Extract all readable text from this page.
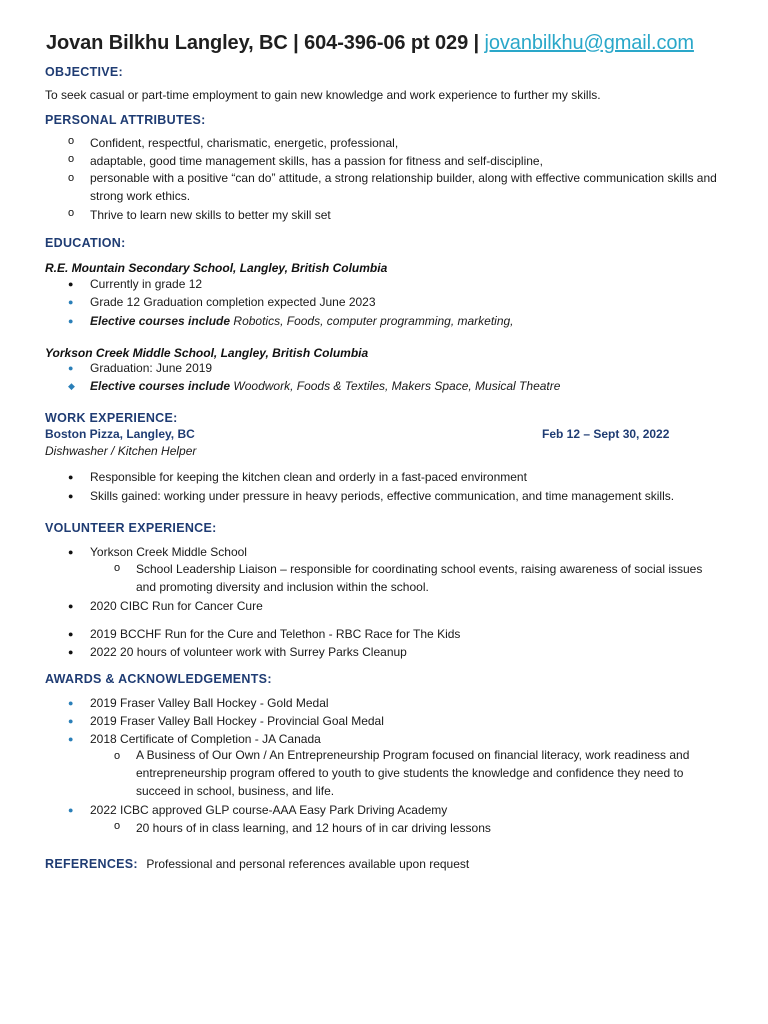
Jovan Bilkhu Langley, BC | 604-396-06 pt 029 | jovanbilkhu@gmail.com
OBJECTIVE:
To seek casual or part-time employment to gain new knowledge and work experience to further my skills.
PERSONAL ATTRIBUTES:
o Confident, respectful, charismatic, energetic, professional,
o adaptable, good time management skills, has a passion for fitness and self-discipline,
o personable with a positive “can do” attitude, a strong relationship builder, along with effective communication skills and strong work ethics.
o Thrive to learn new skills to better my skill set
EDUCATION:
R.E. Mountain Secondary School, Langley, British Columbia
● Currently in grade 12
● Grade 12 Graduation completion expected June 2023
● Elective courses include Robotics, Foods, computer programming, marketing,
Yorkson Creek Middle School, Langley, British Columbia
● Graduation: June 2019
◆ Elective courses include Woodwork, Foods & Textiles, Makers Space, Musical Theatre
WORK EXPERIENCE:
Boston Pizza, Langley, BC	Feb 12 – Sept 30, 2022
Dishwasher / Kitchen Helper
● Responsible for keeping the kitchen clean and orderly in a fast-paced environment
● Skills gained: working under pressure in heavy periods, effective communication, and time management skills.
VOLUNTEER EXPERIENCE:
● Yorkson Creek Middle School
o School Leadership Liaison – responsible for coordinating school events, raising awareness of social issues and promoting diversity and inclusion within the school.
● 2020 CIBC Run for Cancer Cure
● 2019 BCCHF Run for the Cure and Telethon - RBC Race for The Kids
● 2022 20 hours of volunteer work with Surrey Parks Cleanup
AWARDS & ACKNOWLEDGEMENTS:
● 2019 Fraser Valley Ball Hockey - Gold Medal
● 2019 Fraser Valley Ball Hockey - Provincial Goal Medal
● 2018 Certificate of Completion - JA Canada
o A Business of Our Own / An Entrepreneurship Program focused on financial literacy, work readiness and entrepreneurship program offered to youth to give students the knowledge and confidence they need to succeed in school, business, and life.
● 2022 ICBC approved GLP course-AAA Easy Park Driving Academy
o 20 hours of in class learning, and 12 hours of in car driving lessons
REFERENCES: Professional and personal references available upon request
